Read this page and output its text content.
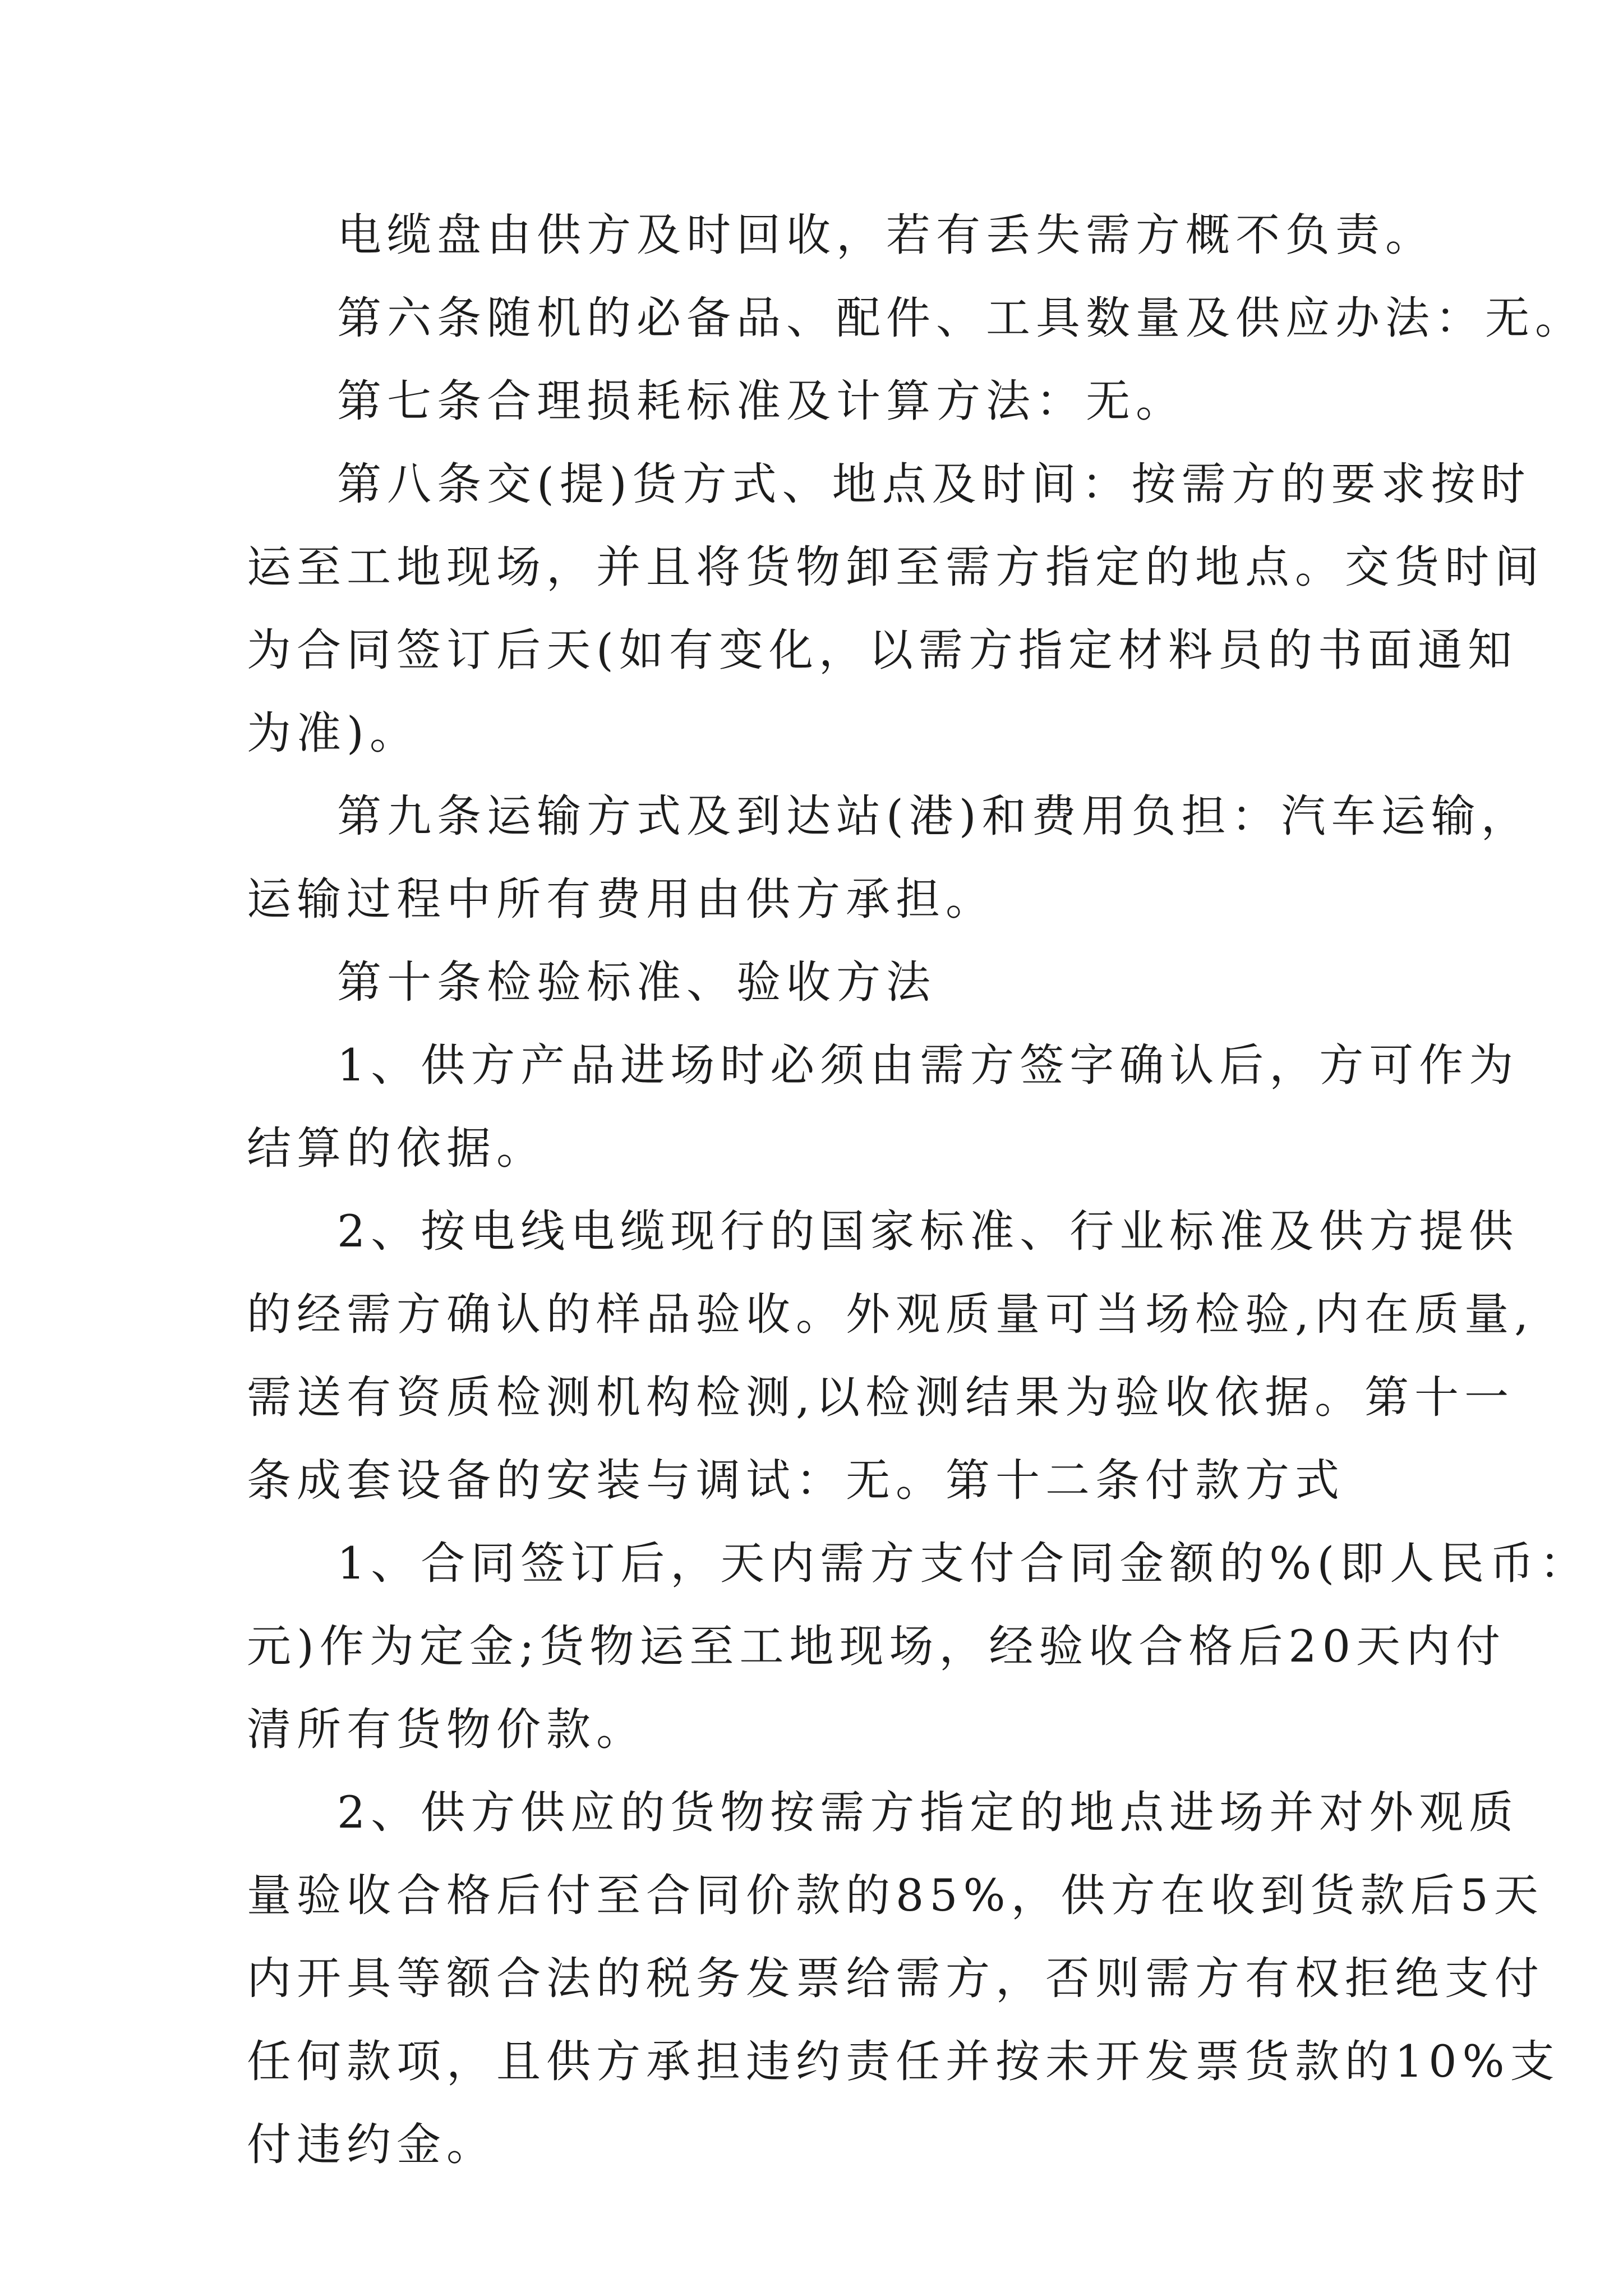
电缆盘由供方及时回收，若有丢失需方概不负责。
第六条随机的必备品、配件、工具数量及供应办法：无。
第七条合理损耗标准及计算方法：无。
第八条交(提)货方式、地点及时间：按需方的要求按时
运至工地现场，并且将货物卸至需方指定的地点。交货时间
为合同签订后天(如有变化，以需方指定材料员的书面通知
为准)。
第九条运输方式及到达站(港)和费用负担：汽车运输，
运输过程中所有费用由供方承担。
第十条检验标准、验收方法
1、供方产品进场时必须由需方签字确认后，方可作为
结算的依据。
2、按电线电缆现行的国家标准、行业标准及供方提供
的经需方确认的样品验收。外观质量可当场检验,内在质量,
需送有资质检测机构检测,以检测结果为验收依据。第十一
条成套设备的安装与调试：无。第十二条付款方式
1、合同签订后，天内需方支付合同金额的%(即人民币：
元)作为定金;货物运至工地现场，经验收合格后20天内付
清所有货物价款。
2、供方供应的货物按需方指定的地点进场并对外观质
量验收合格后付至合同价款的85%，供方在收到货款后5天
内开具等额合法的税务发票给需方，否则需方有权拒绝支付
任何款项，且供方承担违约责任并按未开发票货款的10%支
付违约金。
